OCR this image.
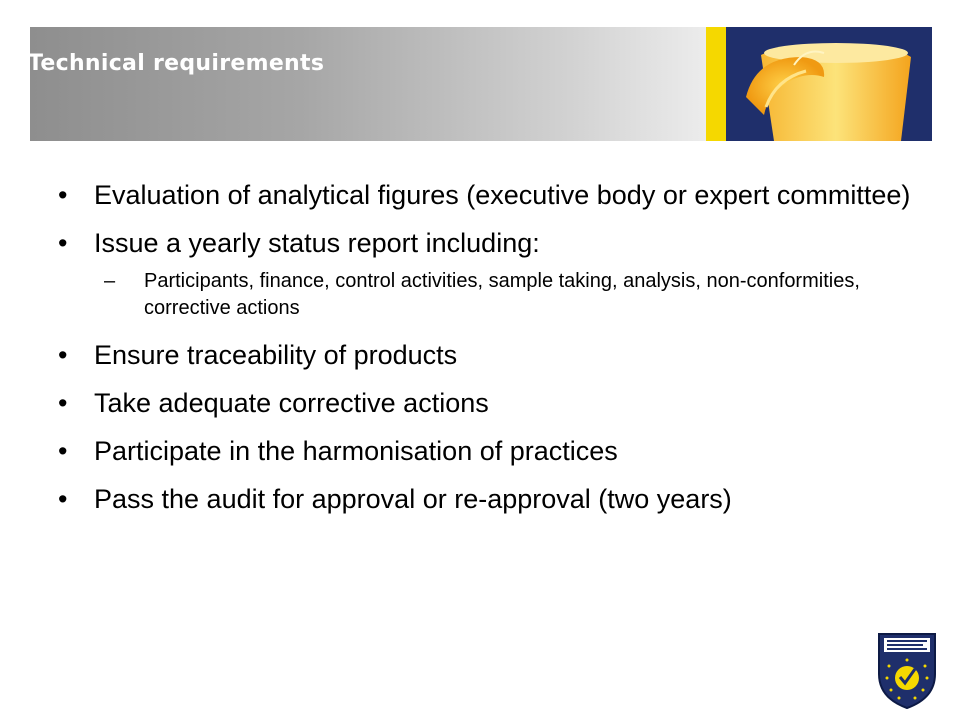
Technical requirements
• Evaluation of analytical figures (executive body or expert committee)
• Issue a yearly status report including:
– Participants, finance, control activities, sample taking, analysis, non-conformities, corrective actions
• Ensure traceability of products
• Take adequate corrective actions
• Participate in the harmonisation of practices
• Pass the audit for approval or re-approval (two years)
